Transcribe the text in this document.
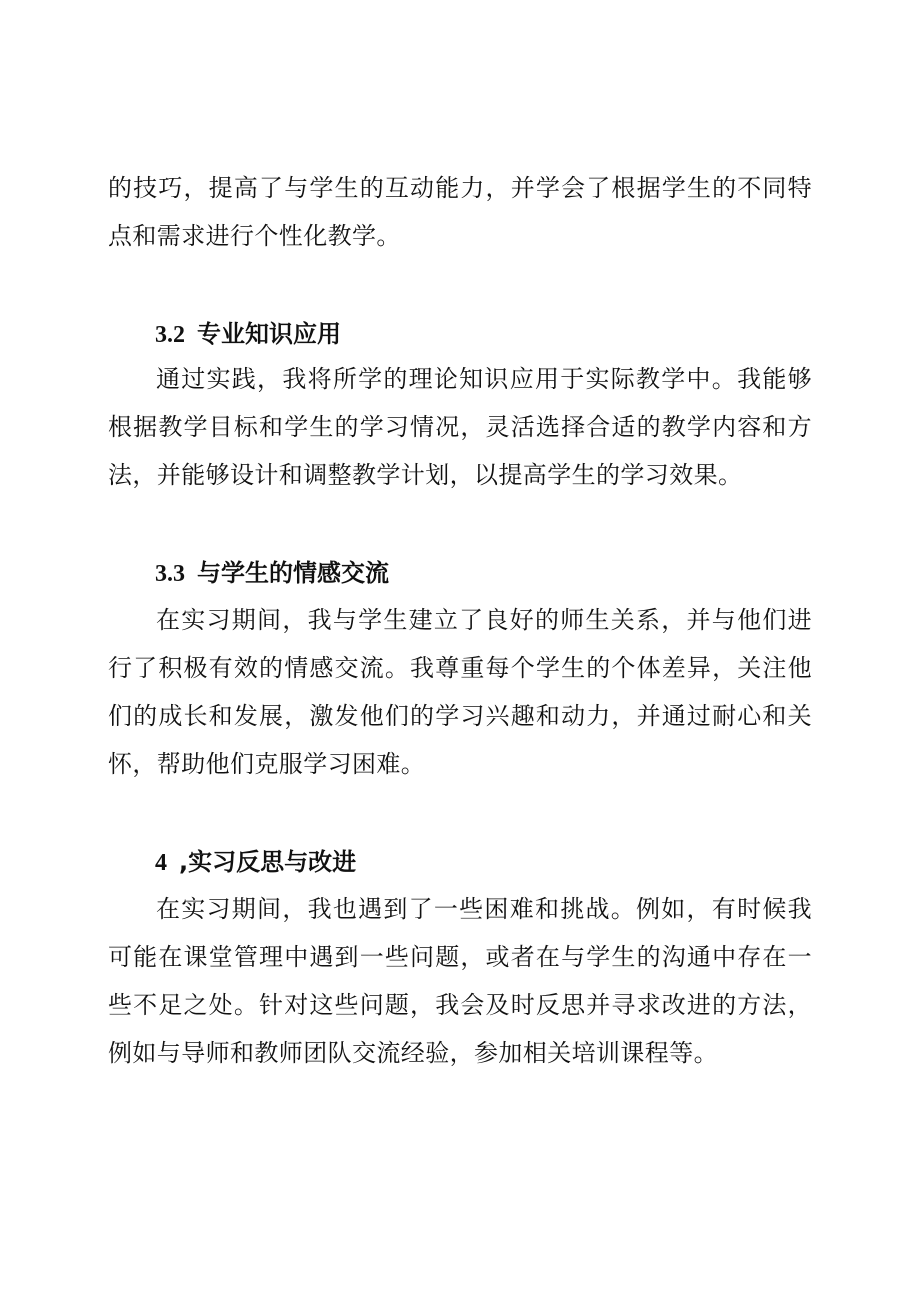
的技巧，提高了与学生的互动能力，并学会了根据学生的不同特点和需求进行个性化教学。

3.2 专业知识应用

通过实践，我将所学的理论知识应用于实际教学中。我能够根据教学目标和学生的学习情况，灵活选择合适的教学内容和方法，并能够设计和调整教学计划，以提高学生的学习效果。

3.3 与学生的情感交流

在实习期间，我与学生建立了良好的师生关系，并与他们进行了积极有效的情感交流。我尊重每个学生的个体差异，关注他们的成长和发展，激发他们的学习兴趣和动力，并通过耐心和关怀，帮助他们克服学习困难。

4 ,实习反思与改进

在实习期间，我也遇到了一些困难和挑战。例如，有时候我可能在课堂管理中遇到一些问题，或者在与学生的沟通中存在一些不足之处。针对这些问题，我会及时反思并寻求改进的方法，例如与导师和教师团队交流经验，参加相关培训课程等。
